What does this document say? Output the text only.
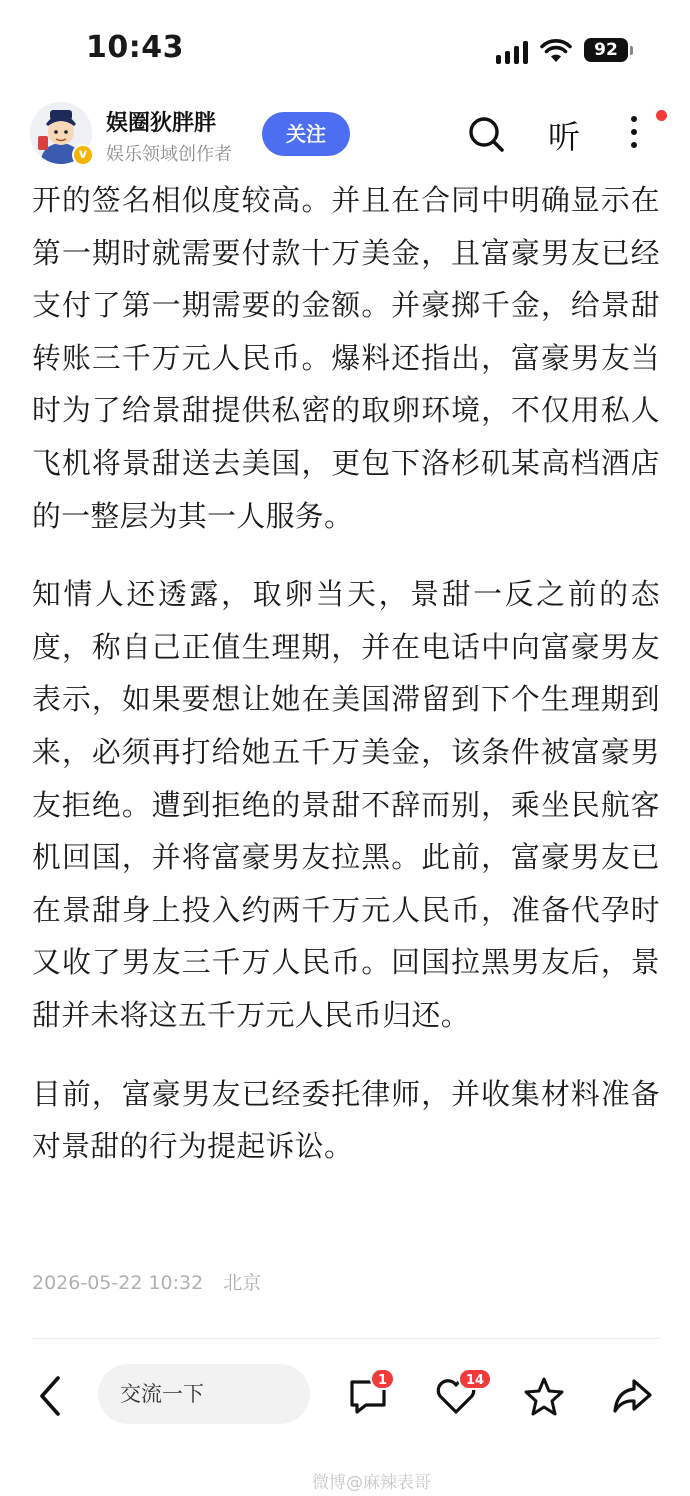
10:43	92
v
娱圈狄胖胖
娱乐领域创作者
关注	听

开的签名相似度较高。并且在合同中明确显示在第一期时就需要付款十万美金，且富豪男友已经支付了第一期需要的金额。并豪掷千金，给景甜转账三千万元人民币。爆料还指出，富豪男友当时为了给景甜提供私密的取卵环境，不仅用私人飞机将景甜送去美国，更包下洛杉矶某高档酒店的一整层为其一人服务。

知情人还透露，取卵当天，景甜一反之前的态度，称自己正值生理期，并在电话中向富豪男友表示，如果要想让她在美国滞留到下个生理期到来，必须再打给她五千万美金，该条件被富豪男友拒绝。遭到拒绝的景甜不辞而别，乘坐民航客机回国，并将富豪男友拉黑。此前，富豪男友已在景甜身上投入约两千万元人民币，准备代孕时又收了男友三千万人民币。回国拉黑男友后，景甜并未将这五千万元人民币归还。

目前，富豪男友已经委托律师，并收集材料准备对景甜的行为提起诉讼。

2026-05-22 10:32 北京
交流一下
1	14
微博@麻辣表哥
